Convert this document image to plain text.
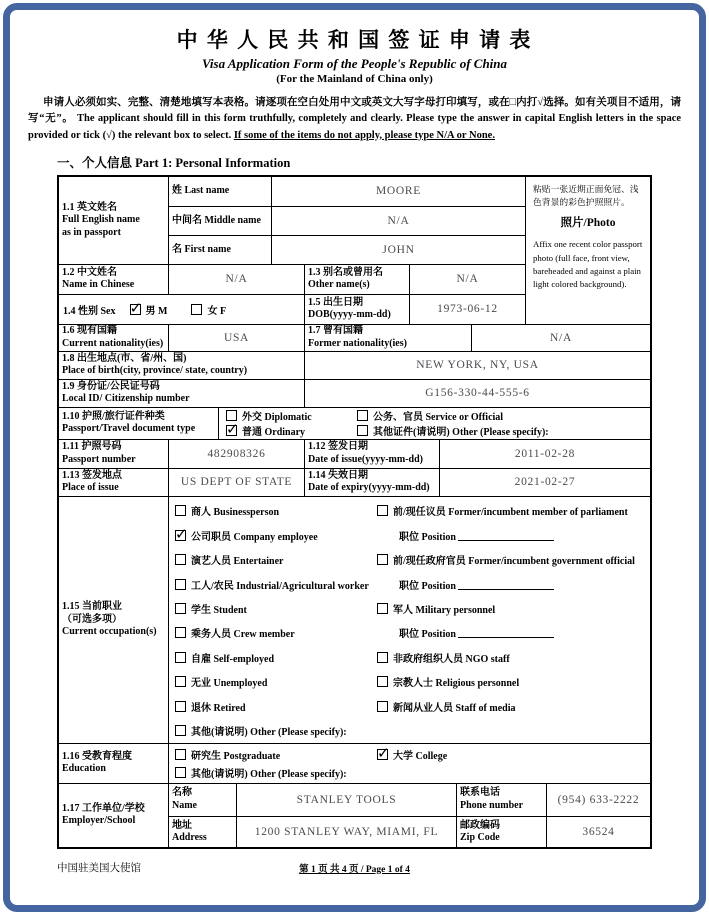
中 华 人 民 共 和 国 签 证 申 请 表
Visa Application Form of the People's Republic of China
(For the Mainland of China only)

申请人必须如实、完整、清楚地填写本表格。请逐项在空白处用中文或英文大写字母打印填写，或在□内打√选择。如有关项目不适用，请写“无”。 The applicant should fill in this form truthfully, completely and clearly. Please type the answer in capital English letters in the space provided or tick (√) the relevant box to select. If some of the items do not apply, please type N/A or None.

一、个人信息 Part 1: Personal Information
1.1 英文姓名
Full English name
as in passport
姓 Last name	MOORE
中间名 Middle name	N/A
名 First name	JOHN
1.2 中文姓名
Name in Chinese	N/A
1.3 别名或曾用名
Other name(s)	N/A
1.4 性别 Sex ✓	男 M	女 F
1.5 出生日期
DOB(yyyy-mm-dd)	1973-06-12
粘贴一张近期正面免冠、浅色背景的彩色护照照片。
照片/Photo
Affix one recent color passport photo (full face, front view, bareheaded and against a plain light colored background).
1.6 现有国籍
Current nationality(ies)	USA
1.7 曾有国籍
Former nationality(ies)	N/A
1.8 出生地点(市、省/州、国)
Place of birth(city, province/ state, country)	NEW YORK, NY, USA
1.9 身份证/公民证号码
Local ID/ Citizenship number	G156-330-44-555-6
1.10 护照/旅行证件种类
Passport/Travel document type
外交 Diplomatic	公务、官员 Service or Official
✓
普通 Ordinary	其他证件(请说明) Other (Please specify):
1.11 护照号码
Passport number	482908326
1.12 签发日期
Date of issue(yyyy-mm-dd)	2011-02-28
1.13 签发地点
Place of issue	US DEPT OF STATE
1.14 失效日期
Date of expiry(yyyy-mm-dd)	2021-02-27
1.15 当前职业
（可选多项）
Current occupation(s)
商人 Businessperson
✓
公司职员 Company employee
演艺人员 Entertainer
工人/农民 Industrial/Agricultural worker
学生 Student
乘务人员 Crew member
自雇 Self-employed
无业 Unemployed
退休 Retired
其他(请说明) Other (Please specify):
前/现任议员 Former/incumbent member of parliament
职位 Position
前/现任政府官员 Former/incumbent government official
职位 Position
军人 Military personnel
职位 Position
非政府组织人员 NGO staff
宗教人士 Religious personnel
新闻从业人员 Staff of media
1.16 受教育程度
Education
研究生 Postgraduate ✓	大学 College
其他(请说明) Other (Please specify):
1.17 工作单位/学校
Employer/School
名称
Name	STANLEY TOOLS
联系电话
Phone number	(954) 633-2222
地址
Address	1200 STANLEY WAY, MIAMI, FL
邮政编码
Zip Code	36524
中国驻美国大使馆	第 1 页 共 4 页 / Page 1 of 4
